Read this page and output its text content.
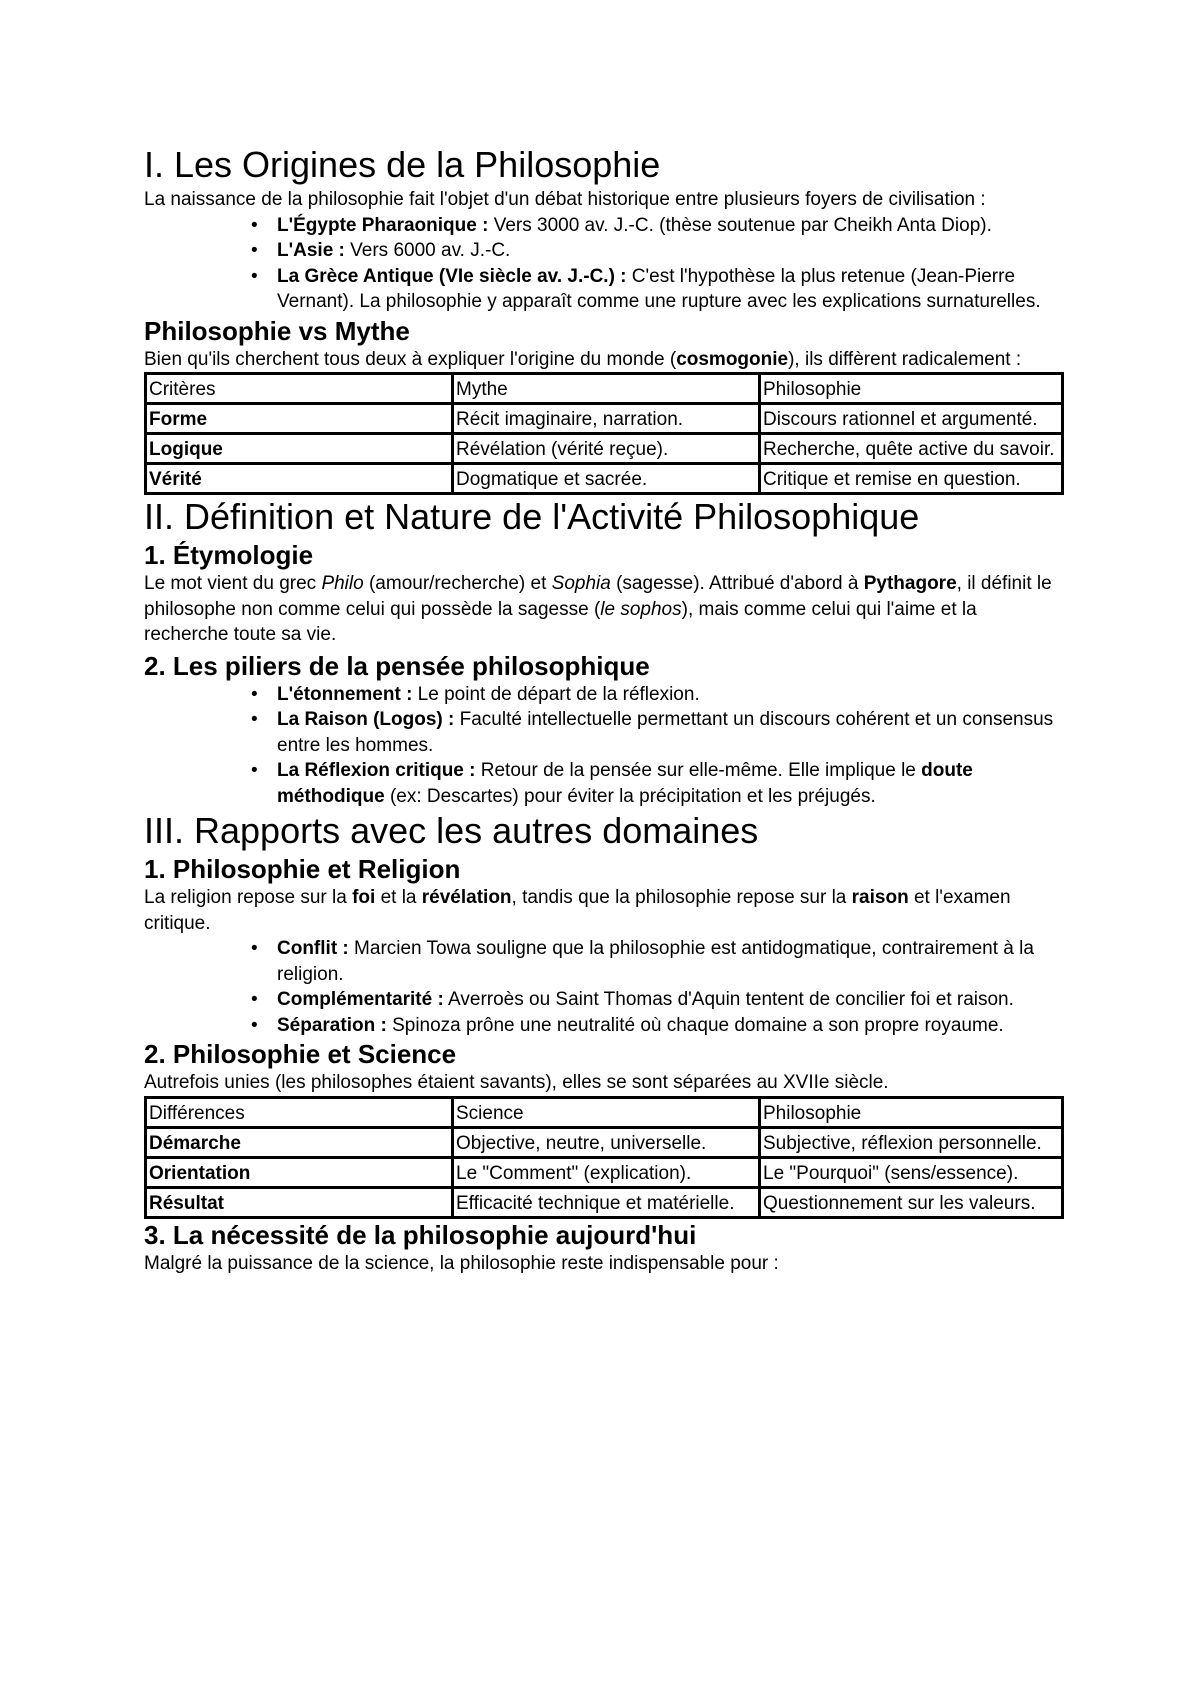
I. Les Origines de la Philosophie

La naissance de la philosophie fait l'objet d'un débat historique entre plusieurs foyers de civilisation :

• L'Égypte Pharaonique : Vers 3000 av. J.-C. (thèse soutenue par Cheikh Anta Diop).
• L'Asie : Vers 6000 av. J.-C.
• La Grèce Antique (VIe siècle av. J.-C.) : C'est l'hypothèse la plus retenue (Jean-Pierre Vernant). La philosophie y apparaît comme une rupture avec les explications surnaturelles.
Philosophie vs Mythe

Bien qu'ils cherchent tous deux à expliquer l'origine du monde (cosmogonie), ils diffèrent radicalement :

Critères	Mythe	Philosophie
Forme	Récit imaginaire, narration.	Discours rationnel et argumenté.
Logique	Révélation (vérité reçue).	Recherche, quête active du savoir.
Vérité	Dogmatique et sacrée.	Critique et remise en question.
II. Définition et Nature de l'Activité Philosophique
1. Étymologie

Le mot vient du grec Philo (amour/recherche) et Sophia (sagesse). Attribué d'abord à Pythagore, il définit le philosophe non comme celui qui possède la sagesse (le sophos), mais comme celui qui l'aime et la recherche toute sa vie.

2. Les piliers de la pensée philosophique
• L'étonnement : Le point de départ de la réflexion.
• La Raison (Logos) : Faculté intellectuelle permettant un discours cohérent et un consensus entre les hommes.
• La Réflexion critique : Retour de la pensée sur elle-même. Elle implique le doute méthodique (ex: Descartes) pour éviter la précipitation et les préjugés.
III. Rapports avec les autres domaines
1. Philosophie et Religion

La religion repose sur la foi et la révélation, tandis que la philosophie repose sur la raison et l'examen critique.

• Conflit : Marcien Towa souligne que la philosophie est antidogmatique, contrairement à la religion.
• Complémentarité : Averroès ou Saint Thomas d'Aquin tentent de concilier foi et raison.
• Séparation : Spinoza prône une neutralité où chaque domaine a son propre royaume.
2. Philosophie et Science

Autrefois unies (les philosophes étaient savants), elles se sont séparées au XVIIe siècle.

Différences	Science	Philosophie
Démarche	Objective, neutre, universelle.	Subjective, réflexion personnelle.
Orientation	Le "Comment" (explication).	Le "Pourquoi" (sens/essence).
Résultat	Efficacité technique et matérielle.	Questionnement sur les valeurs.
3. La nécessité de la philosophie aujourd'hui

Malgré la puissance de la science, la philosophie reste indispensable pour :
